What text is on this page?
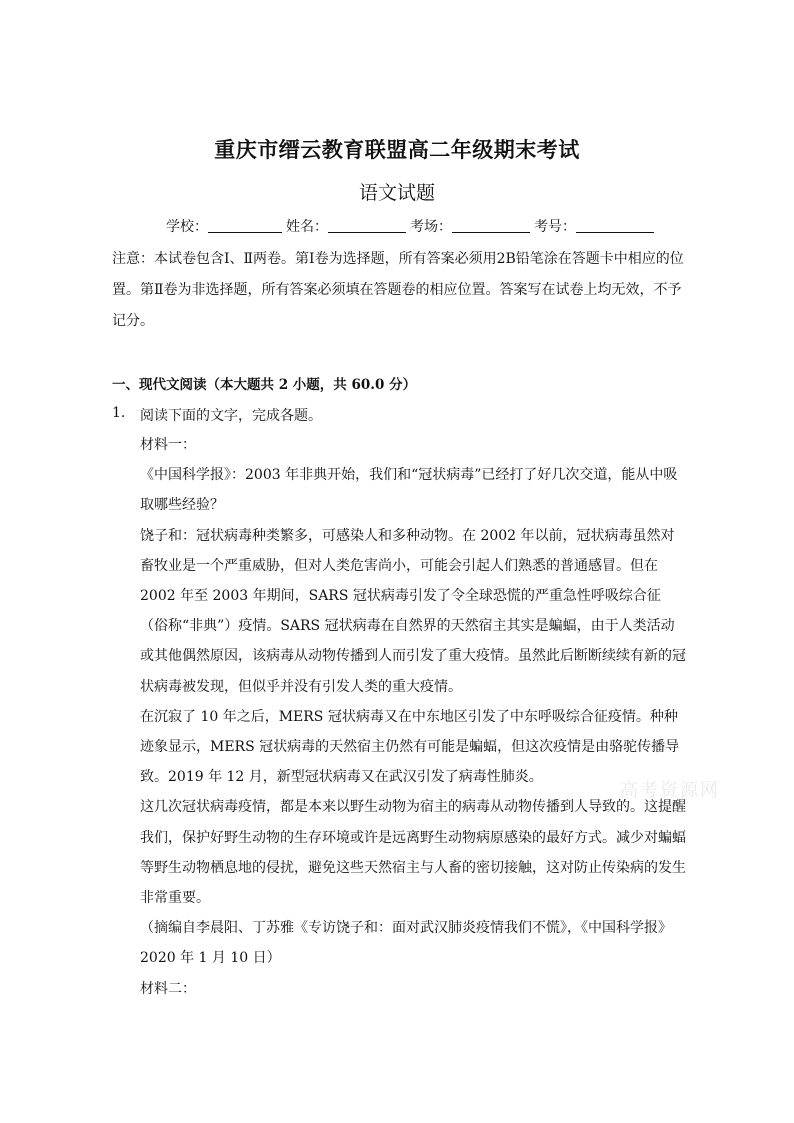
重庆市缙云教育联盟高二年级期末考试
语文试题
学校：	姓名：	考场：	考号：
注意：本试卷包含Ⅰ、Ⅱ两卷。第Ⅰ卷为选择题，所有答案必须用2B铅笔涂在答题卡中相应的位置。第Ⅱ卷为非选择题，所有答案必须填在答题卷的相应位置。答案写在试卷上均无效，不予记分。
一、现代文阅读（本大题共 2 小题，共 60.0 分）
1. 阅读下面的文字，完成各题。

材料一：

《中国科学报》：2003 年非典开始，我们和“冠状病毒”已经打了好几次交道，能从中吸取哪些经验？

饶子和：冠状病毒种类繁多，可感染人和多种动物。在 2002 年以前，冠状病毒虽然对畜牧业是一个严重威胁，但对人类危害尚小，可能会引起人们熟悉的普通感冒。但在 2002 年至 2003 年期间，SARS 冠状病毒引发了令全球恐慌的严重急性呼吸综合征（俗称“非典”）疫情。SARS 冠状病毒在自然界的天然宿主其实是蝙蝠，由于人类活动或其他偶然原因，该病毒从动物传播到人而引发了重大疫情。虽然此后断断续续有新的冠状病毒被发现，但似乎并没有引发人类的重大疫情。

在沉寂了 10 年之后，MERS 冠状病毒又在中东地区引发了中东呼吸综合征疫情。种种迹象显示，MERS 冠状病毒的天然宿主仍然有可能是蝙蝠，但这次疫情是由骆驼传播导致。2019 年 12 月，新型冠状病毒又在武汉引发了病毒性肺炎。

这几次冠状病毒疫情，都是本来以野生动物为宿主的病毒从动物传播到人导致的。这提醒我们，保护好野生动物的生存环境或许是远离野生动物病原感染的最好方式。减少对蝙蝠等野生动物栖息地的侵扰，避免这些天然宿主与人畜的密切接触，这对防止传染病的发生非常重要。

（摘编自李晨阳、丁苏雅《专访饶子和：面对武汉肺炎疫情我们不慌》，《中国科学报》2020 年 1 月 10 日）

材料二：

高考资源网
